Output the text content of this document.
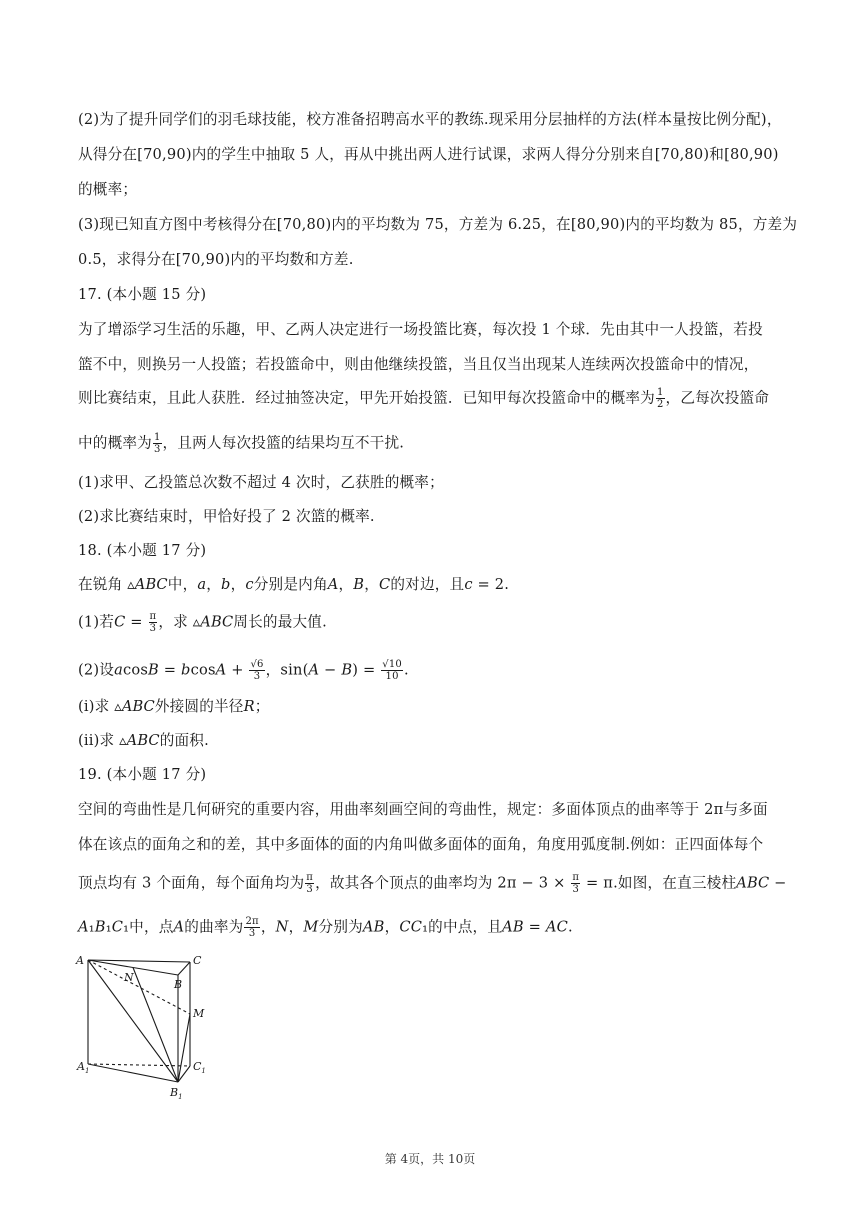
(2)为了提升同学们的羽毛球技能，校方准备招聘高水平的教练.现采用分层抽样的方法(样本量按比例分配)，
从得分在[70,90)内的学生中抽取 5 人，再从中挑出两人进行试课，求两人得分分别来自[70,80)和[80,90)
的概率；
(3)现已知直方图中考核得分在[70,80)内的平均数为 75，方差为 6.25，在[80,90)内的平均数为 85，方差为
0.5，求得分在[70,90)内的平均数和方差.
17. (本小题 15 分)
为了增添学习生活的乐趣，甲、乙两人决定进行一场投篮比赛，每次投 1 个球．先由其中一人投篮，若投
篮不中，则换另一人投篮；若投篮命中，则由他继续投篮，当且仅当出现某人连续两次投篮命中的情况，
则比赛结束，且此人获胜．经过抽签决定，甲先开始投篮．已知甲每次投篮命中的概率为 $\frac{1}{2}$ ，乙每次投篮命
中的概率为 $\frac{1}{3}$ ，且两人每次投篮的结果均互不干扰.
(1)求甲、乙投篮总次数不超过 4 次时，乙获胜的概率；
(2)求比赛结束时，甲恰好投了 2 次篮的概率.
18. (本小题 17 分)
在锐角 ▵𝐴𝐵𝐶中，𝑎，𝑏，𝑐分别是内角𝐴，𝐵，𝐶的对边，且𝑐 = 2.
(1)若𝐶 = $\frac{\pi}{3}$ ，求 ▵𝐴𝐵𝐶周长的最大值.
(2)设𝑎cos𝐵 = 𝑏cos𝐴 + $\frac{√6}{3}$ ，sin(𝐴 − 𝐵) = $\frac{√10}{10}$ .
(i)求 ▵𝐴𝐵𝐶外接圆的半径𝑅；
(ii)求 ▵𝐴𝐵𝐶的面积.
19. (本小题 17 分)
空间的弯曲性是几何研究的重要内容，用曲率刻画空间的弯曲性，规定：多面体顶点的曲率等于 2π与多面
体在该点的面角之和的差，其中多面体的面的内角叫做多面体的面角，角度用弧度制.例如：正四面体每个
顶点均有 3 个面角，每个面角均为 $\frac{\pi}{3}$ ，故其各个顶点的曲率均为 $2\pi - 3 \times \frac{\pi}{3} = \pi$.如图，在直三棱柱𝐴𝐵𝐶 −
𝐴₁𝐵₁𝐶₁中，点𝐴的曲率为 $\frac{2\pi}{3}$ ，𝑁，𝑀分别为𝐴𝐵，𝐶𝐶₁的中点，且𝐴𝐵 = 𝐴𝐶.
A	C
N
B
M
$A_1$	$C_1$
$B_1$
第 4页，共 10页
